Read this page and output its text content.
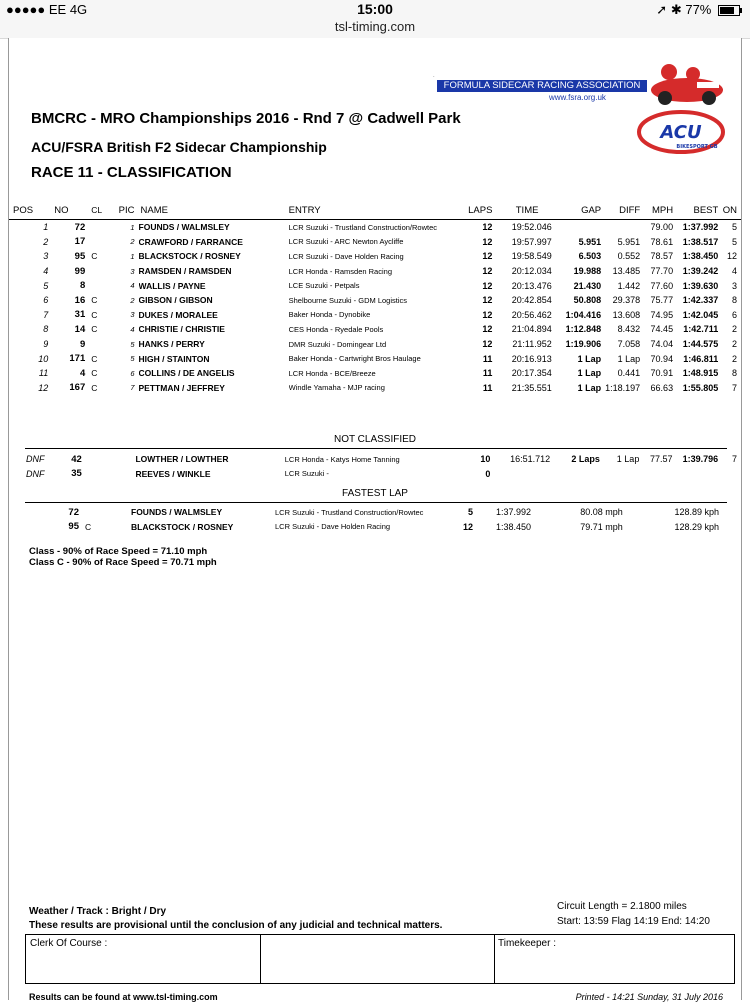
●●●●● EE 4G	15:00
tsl-timing.com
➚ ✱ 77%
.
FORMULA SIDECAR RACING ASSOCIATION
www.fsra.org.uk
ACU
BIKESPORT GB
BMCRC - MRO Championships 2016 - Rnd 7 @ Cadwell Park
ACU/FSRA British F2 Sidecar Championship
RACE 11 - CLASSIFICATION
POS	NO	CL	PIC	NAME	ENTRY	LAPS	TIME	GAP	DIFF	MPH	BEST	ON
1	72		1	FOUNDS / WALMSLEY	LCR Suzuki - Trustland Construction/Rowtec	12	19:52.046			79.00	1:37.992	5
2	17		2	CRAWFORD / FARRANCE	LCR Suzuki - ARC Newton Aycliffe	12	19:57.997	5.951	5.951	78.61	1:38.517	5
3	95	C	1	BLACKSTOCK / ROSNEY	LCR Suzuki - Dave Holden Racing	12	19:58.549	6.503	0.552	78.57	1:38.450	12
4	99		3	RAMSDEN / RAMSDEN	LCR Honda - Ramsden Racing	12	20:12.034	19.988	13.485	77.70	1:39.242	4
5	8		4	WALLIS / PAYNE	LCE Suzuki - Petpals	12	20:13.476	21.430	1.442	77.60	1:39.630	3
6	16	C	2	GIBSON / GIBSON	Shelbourne Suzuki - GDM Logistics	12	20:42.854	50.808	29.378	75.77	1:42.337	8
7	31	C	3	DUKES / MORALEE	Baker Honda - Dynobike	12	20:56.462	1:04.416	13.608	74.95	1:42.045	6
8	14	C	4	CHRISTIE / CHRISTIE	CES Honda - Ryedale Pools	12	21:04.894	1:12.848	8.432	74.45	1:42.711	2
9	9		5	HANKS / PERRY	DMR Suzuki - Domingear Ltd	12	21:11.952	1:19.906	7.058	74.04	1:44.575	2
10	171	C	5	HIGH / STAINTON	Baker Honda - Cartwright Bros Haulage	11	20:16.913	1 Lap	1 Lap	70.94	1:46.811	2
11	4	C	6	COLLINS / DE ANGELIS	LCR Honda - BCE/Breeze	11	20:17.354	1 Lap	0.441	70.91	1:48.915	8
12	167	C	7	PETTMAN / JEFFREY	Windle Yamaha - MJP racing	11	21:35.551	1 Lap	1:18.197	66.63	1:55.805	7
NOT CLASSIFIED
DNF	42			LOWTHER / LOWTHER	LCR Honda - Katys Home Tanning	10	16:51.712	2 Laps	1 Lap	77.57	1:39.796	7
DNF	35			REEVES / WINKLE	LCR Suzuki -	0						
FASTEST LAP
	72			FOUNDS / WALMSLEY	LCR Suzuki - Trustland Construction/Rowtec	5	1:37.992	80.08 mph		128.89 kph	
	95	C		BLACKSTOCK / ROSNEY	LCR Suzuki - Dave Holden Racing	12	1:38.450	79.71 mph		128.29 kph	
Class - 90% of Race Speed = 71.10 mph
Class C - 90% of Race Speed = 70.71 mph
Weather / Track : Bright / Dry
These results are provisional until the conclusion of any judicial and technical matters.
Circuit Length = 2.1800 miles
Start: 13:59 Flag 14:19 End: 14:20
Clerk Of Course :	Timekeeper :
Results can be found at www.tsl-timing.com	Printed - 14:21 Sunday, 31 July 2016
